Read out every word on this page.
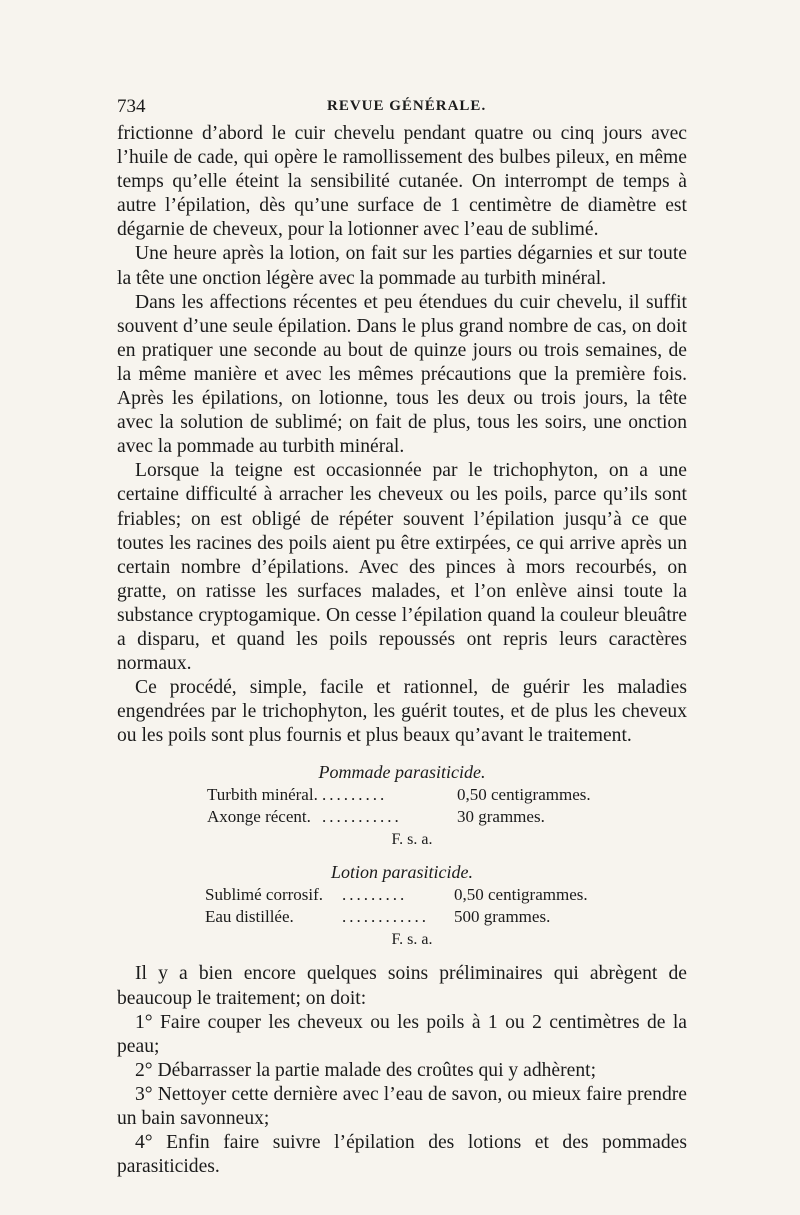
734	REVUE GÉNÉRALE.

frictionne d’abord le cuir chevelu pendant quatre ou cinq jours avec l’huile de cade, qui opère le ramollissement des bulbes pileux, en même temps qu’elle éteint la sensibilité cutanée. On interrompt de temps à autre l’épilation, dès qu’une surface de 1 centimètre de diamètre est dégarnie de cheveux, pour la lotionner avec l’eau de sublimé.

Une heure après la lotion, on fait sur les parties dégarnies et sur toute la tête une onction légère avec la pommade au turbith minéral.

Dans les affections récentes et peu étendues du cuir chevelu, il suffit souvent d’une seule épilation. Dans le plus grand nombre de cas, on doit en pratiquer une seconde au bout de quinze jours ou trois semaines, de la même manière et avec les mêmes précautions que la première fois. Après les épilations, on lotionne, tous les deux ou trois jours, la tête avec la solution de sublimé; on fait de plus, tous les soirs, une onction avec la pommade au turbith minéral.

Lorsque la teigne est occasionnée par le trichophyton, on a une certaine difficulté à arracher les cheveux ou les poils, parce qu’ils sont friables; on est obligé de répéter souvent l’épilation jusqu’à ce que toutes les racines des poils aient pu être extirpées, ce qui arrive après un certain nombre d’épilations. Avec des pinces à mors recourbés, on gratte, on ratisse les surfaces malades, et l’on enlève ainsi toute la substance cryptogamique. On cesse l’épilation quand la couleur bleuâtre a disparu, et quand les poils repoussés ont repris leurs caractères normaux.

Ce procédé, simple, facile et rationnel, de guérir les maladies engendrées par le trichophyton, les guérit toutes, et de plus les cheveux ou les poils sont plus fournis et plus beaux qu’avant le traitement.

Pommade parasiticide.
Turbith minéral. .........	0,50 centigrammes.
Axonge récent. ...........	30 grammes.
F. s. a.
Lotion parasiticide.
Sublimé corrosif. .........	0,50 centigrammes.
Eau distillée.	............ 500 grammes.
F. s. a.

Il y a bien encore quelques soins préliminaires qui abrègent de beaucoup le traitement; on doit:

1° Faire couper les cheveux ou les poils à 1 ou 2 centimètres de la peau;

2° Débarrasser la partie malade des croûtes qui y adhèrent;

3° Nettoyer cette dernière avec l’eau de savon, ou mieux faire prendre un bain savonneux;

4° Enfin faire suivre l’épilation des lotions et des pommades parasiticides.
